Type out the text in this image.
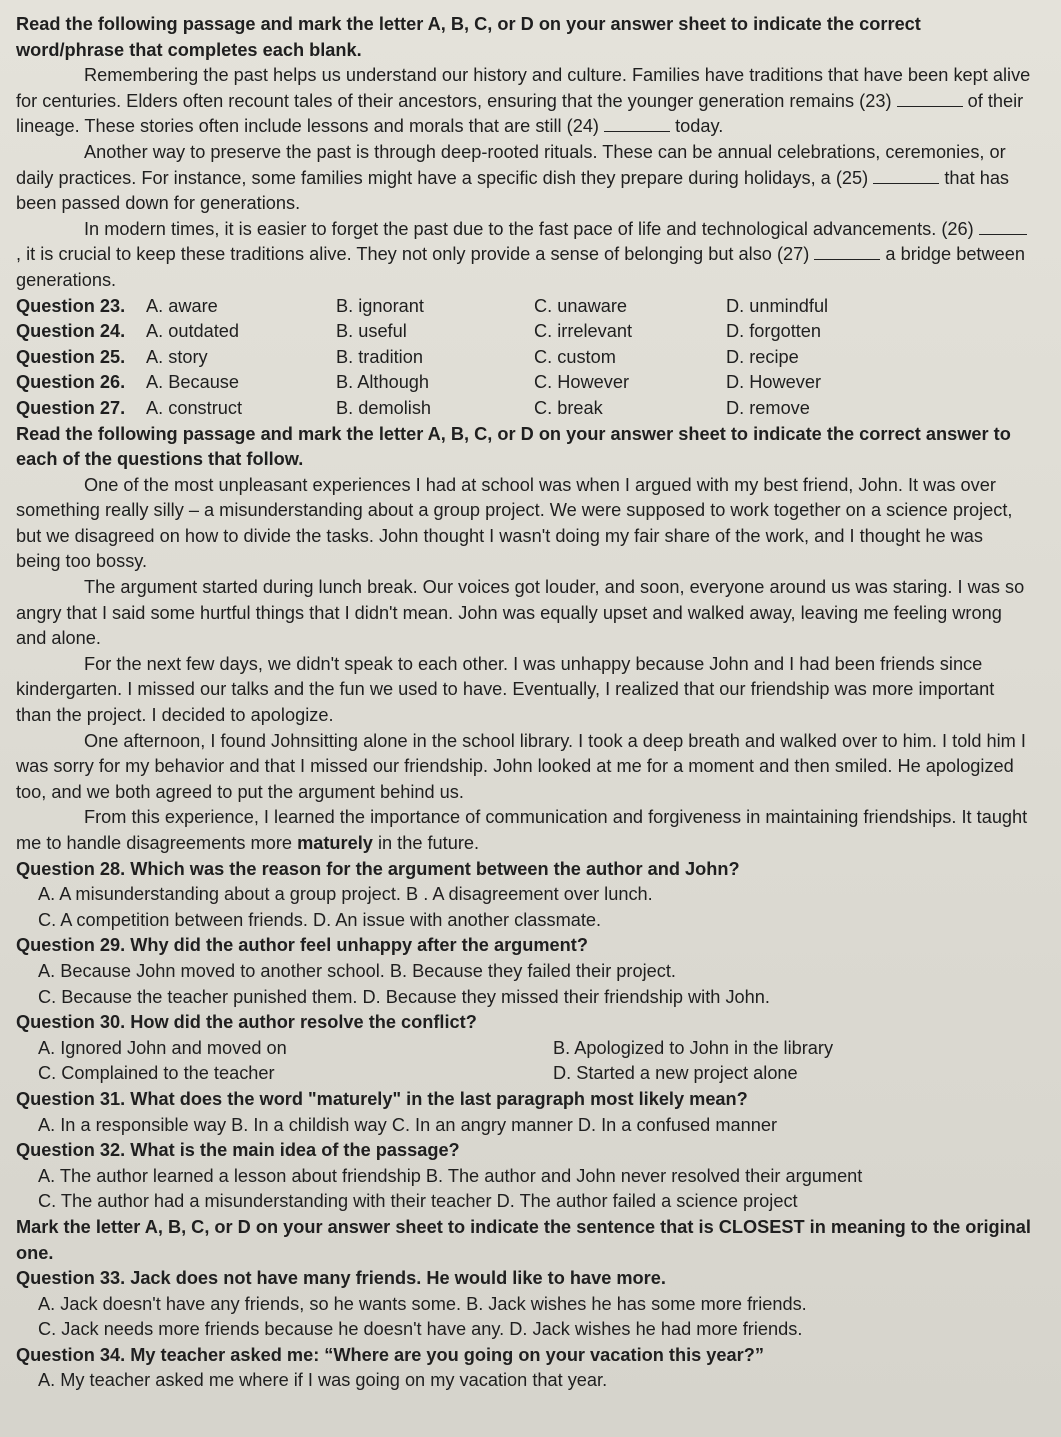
Read the following passage and mark the letter A, B, C, or D on your answer sheet to indicate the correct
word/phrase that completes each blank.

Remembering the past helps us understand our history and culture. Families have traditions that have been kept alive for centuries. Elders often recount tales of their ancestors, ensuring that the younger generation remains (23)	of their lineage. These stories often include lessons and morals that are still (24)	today.

Another way to preserve the past is through deep-rooted rituals. These can be annual celebrations, ceremonies, or daily practices. For instance, some families might have a specific dish they prepare during holidays, a (25)	that has been passed down for generations.

In modern times, it is easier to forget the past due to the fast pace of life and technological advancements. (26) , it is crucial to keep these traditions alive. They not only provide a sense of belonging but also (27)	a bridge between generations.

Question 23.	A. aware	B. ignorant	C. unaware	D. unmindful
Question 24.	A. outdated	B. useful	C. irrelevant	D. forgotten
Question 25.	A. story	B. tradition	C. custom	D. recipe
Question 26.	A. Because	B. Although	C. However	D. However
Question 27.	A. construct	B. demolish	C. break	D. remove

Read the following passage and mark the letter A, B, C, or D on your answer sheet to indicate the correct answer to each of the questions that follow.

One of the most unpleasant experiences I had at school was when I argued with my best friend, John. It was over something really silly – a misunderstanding about a group project. We were supposed to work together on a science project, but we disagreed on how to divide the tasks. John thought I wasn't doing my fair share of the work, and I thought he was being too bossy.

The argument started during lunch break. Our voices got louder, and soon, everyone around us was staring. I was so angry that I said some hurtful things that I didn't mean. John was equally upset and walked away, leaving me feeling wrong and alone.

For the next few days, we didn't speak to each other. I was unhappy because John and I had been friends since kindergarten. I missed our talks and the fun we used to have. Eventually, I realized that our friendship was more important than the project. I decided to apologize.

One afternoon, I found Johnsitting alone in the school library. I took a deep breath and walked over to him. I told him I was sorry for my behavior and that I missed our friendship. John looked at me for a moment and then smiled. He apologized too, and we both agreed to put the argument behind us.

From this experience, I learned the importance of communication and forgiveness in maintaining friendships. It taught me to handle disagreements more maturely in the future.

Question 28. Which was the reason for the argument between the author and John?

A. A misunderstanding about a group project. B . A disagreement over lunch.

C. A competition between friends. D. An issue with another classmate.

Question 29. Why did the author feel unhappy after the argument?

A. Because John moved to another school. B. Because they failed their project.

C. Because the teacher punished them. D. Because they missed their friendship with John.

Question 30. How did the author resolve the conflict?

A. Ignored John and moved on	B. Apologized to John in the library
C. Complained to the teacher	D. Started a new project alone

Question 31. What does the word "maturely" in the last paragraph most likely mean?

A. In a responsible way B. In a childish way C. In an angry manner D. In a confused manner

Question 32. What is the main idea of the passage?

A. The author learned a lesson about friendship B. The author and John never resolved their argument

C. The author had a misunderstanding with their teacher D. The author failed a science project

Mark the letter A, B, C, or D on your answer sheet to indicate the sentence that is CLOSEST in meaning to the original one.

Question 33. Jack does not have many friends. He would like to have more.

A. Jack doesn't have any friends, so he wants some. B. Jack wishes he has some more friends.

C. Jack needs more friends because he doesn't have any. D. Jack wishes he had more friends.

Question 34. My teacher asked me: “Where are you going on your vacation this year?”

A. My teacher asked me where if I was going on my vacation that year.
